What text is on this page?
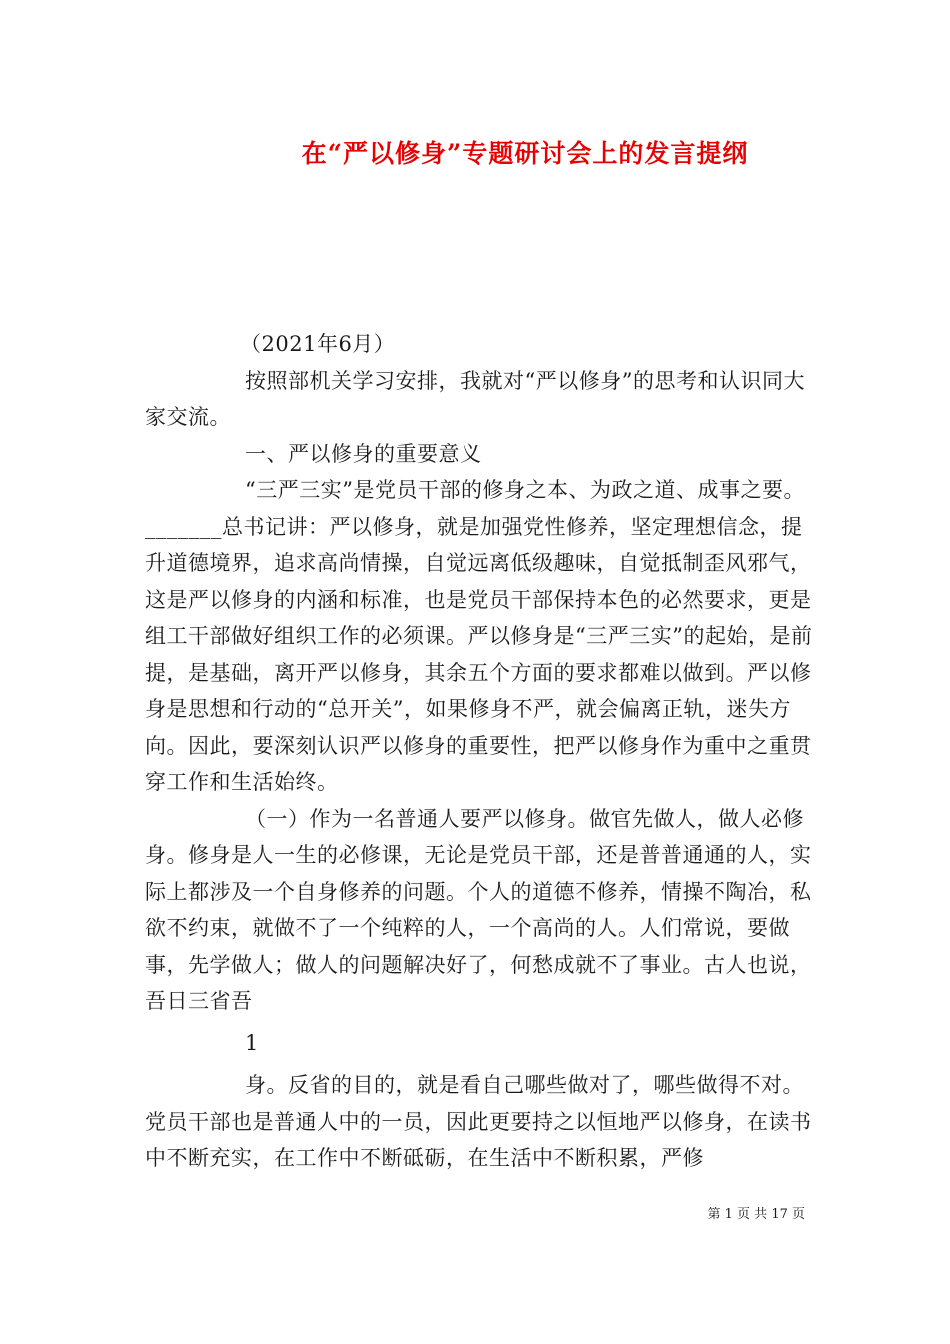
在“严以修身”专题研讨会上的发言提纲

（2021年6月）

按照部机关学习安排，我就对“严以修身”的思考和认识同大家交流。

一、严以修身的重要意义

“三严三实”是党员干部的修身之本、为政之道、成事之要。_______总书记讲：严以修身，就是加强党性修养，坚定理想信念，提升道德境界，追求高尚情操，自觉远离低级趣味，自觉抵制歪风邪气，这是严以修身的内涵和标准，也是党员干部保持本色的必然要求，更是组工干部做好组织工作的必须课。严以修身是“三严三实”的起始，是前提，是基础，离开严以修身，其余五个方面的要求都难以做到。严以修身是思想和行动的“总开关”，如果修身不严，就会偏离正轨，迷失方向。因此，要深刻认识严以修身的重要性，把严以修身作为重中之重贯穿工作和生活始终。

（一）作为一名普通人要严以修身。做官先做人，做人必修身。修身是人一生的必修课，无论是党员干部，还是普普通通的人，实际上都涉及一个自身修养的问题。个人的道德不修养，情操不陶冶，私欲不约束，就做不了一个纯粹的人，一个高尚的人。人们常说，要做事，先学做人；做人的问题解决好了，何愁成就不了事业。古人也说，吾日三省吾

1

身。反省的目的，就是看自己哪些做对了，哪些做得不对。党员干部也是普通人中的一员，因此更要持之以恒地严以修身，在读书中不断充实，在工作中不断砥砺，在生活中不断积累，严修

第 1 页 共 17 页
